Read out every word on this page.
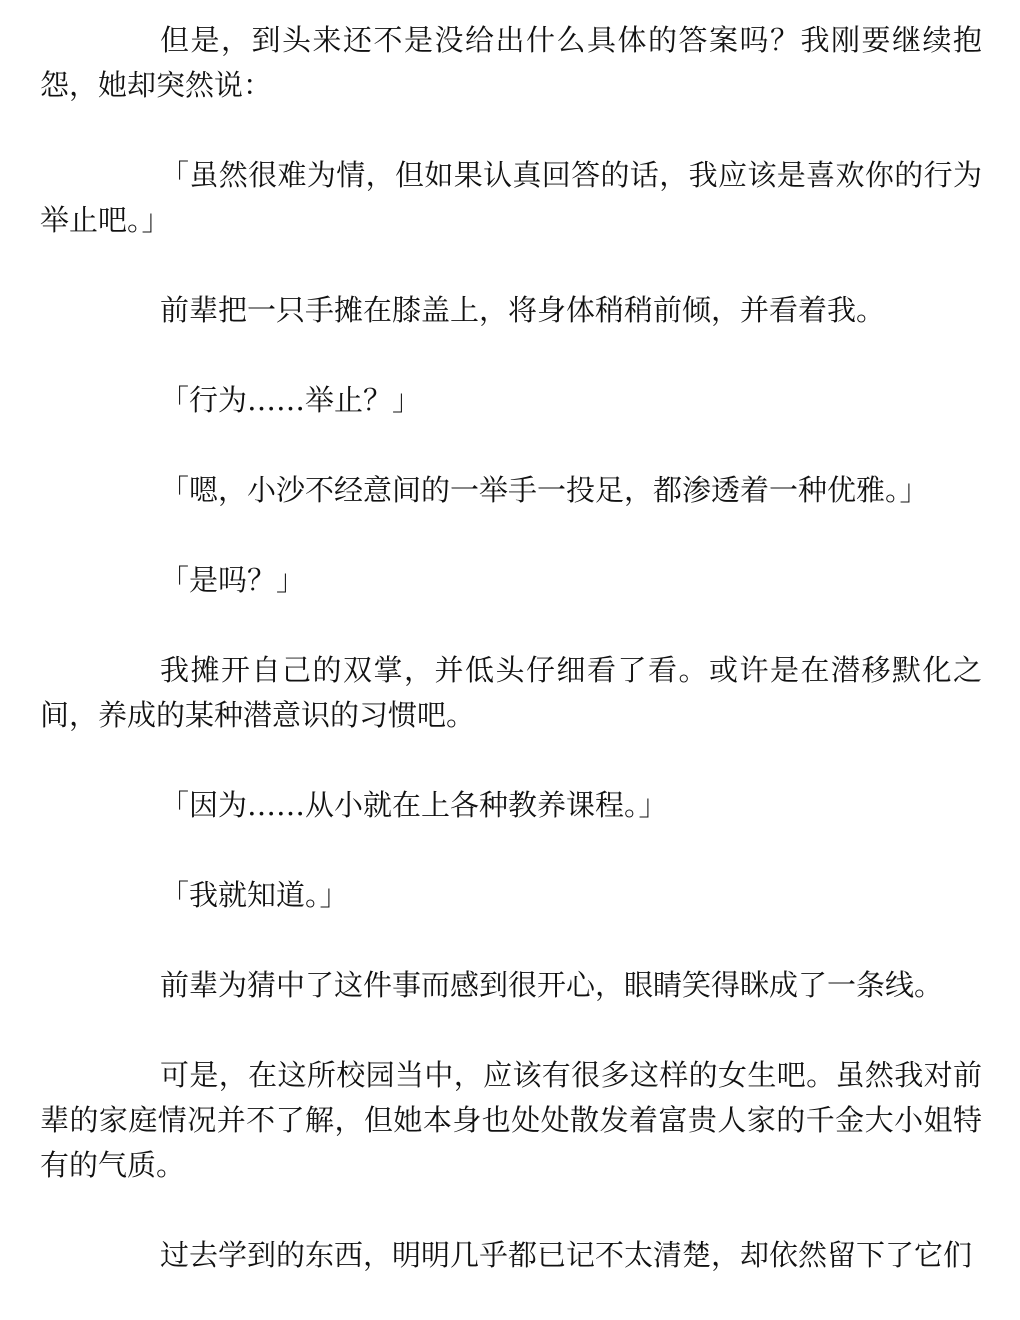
但是，到头来还不是没给出什么具体的答案吗？我刚要继续抱怨，她却突然说：

「虽然很难为情，但如果认真回答的话，我应该是喜欢你的行为举止吧。」

前辈把一只手摊在膝盖上，将身体稍稍前倾，并看着我。

「行为……举止？」

「嗯，小沙不经意间的一举手一投足，都渗透着一种优雅。」

「是吗？」

我摊开自己的双掌，并低头仔细看了看。或许是在潜移默化之间，养成的某种潜意识的习惯吧。

「因为……从小就在上各种教养课程。」

「我就知道。」

前辈为猜中了这件事而感到很开心，眼睛笑得眯成了一条线。

可是，在这所校园当中，应该有很多这样的女生吧。虽然我对前辈的家庭情况并不了解，但她本身也处处散发着富贵人家的千金大小姐特有的气质。

过去学到的东西，明明几乎都已记不太清楚，却依然留下了它们
